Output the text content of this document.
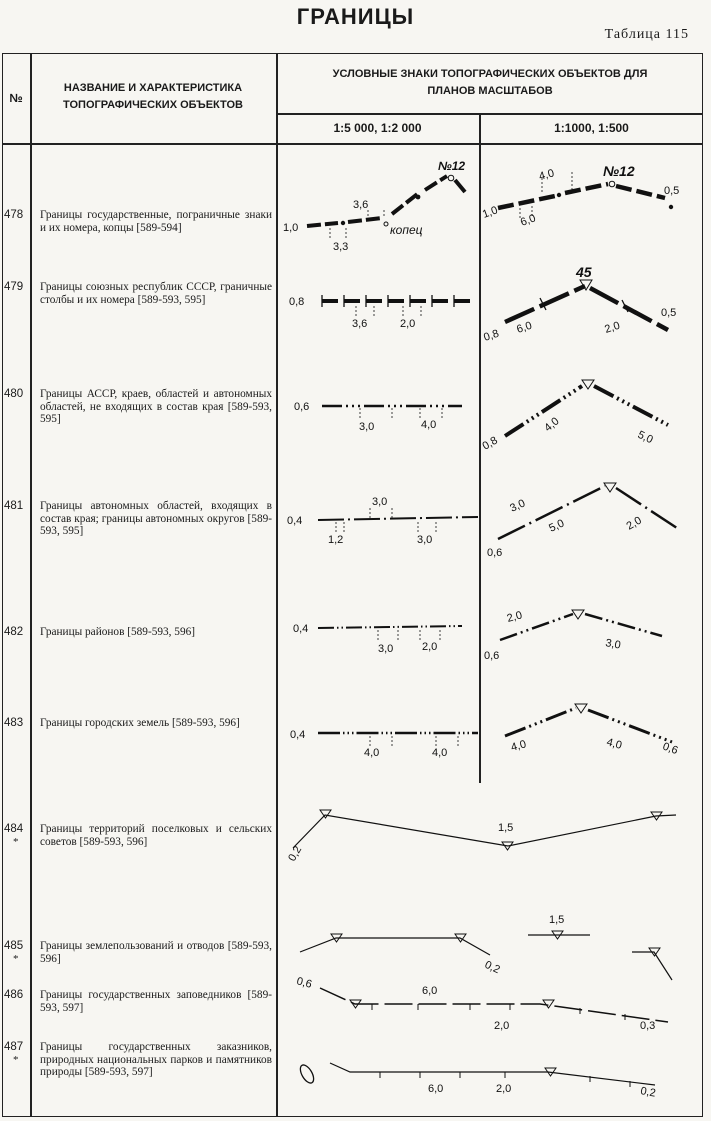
ГРАНИЦЫ
Таблица 115
№
НАЗВАНИЕ И ХАРАКТЕРИСТИКА ТОПОГРАФИЧЕСКИХ ОБЪЕКТОВ
УСЛОВНЫЕ ЗНАКИ ТОПОГРАФИЧЕСКИХ ОБЪЕКТОВ ДЛЯ ПЛАНОВ МАСШТАБОВ
1:5 000, 1:2 000	1:1000, 1:500
478 Границы государственные, пограничные знаки и их номера, копцы [589-594]
479 Границы союзных республик СССР, граничные столбы и их номера [589-593, 595]
480 Границы АССР, краев, областей и автономных областей, не входящих в состав края [589-593, 595]
481 Границы автономных областей, входящих в состав края; границы автономных округов [589-593, 595]
482 Границы районов [589-593, 596]
483 Границы городских земель [589-593, 596]
484
*
Границы территорий поселковых и сельских советов [589-593, 596]
485
*
Границы землепользований и отводов [589-593, 596]
486 Границы государственных заповедников [589-593, 597]
487
*
Границы государственных заказников, природных национальных парков и памятников природы [589-593, 597]
1,0
3,6
3,3
копец
№12
1,0
4,0
6,0
№12
0,5
0,8
3,6	2,0
45
0,8 6,0	2,0
0,5
0,6
3,0	4,0
0,8
4,0
5,0
0,4
1,2
3,0
3,0
0,6
3,0
5,0	2,0
0,4
3,0	2,0
0,6
2,0
3,0
0,4
4,0	4,0	4,0	4,0	0,6
0,2
1,5
0,2
1,5
0,6
6,0
2,0	0,3
6,0	2,0	0,2
